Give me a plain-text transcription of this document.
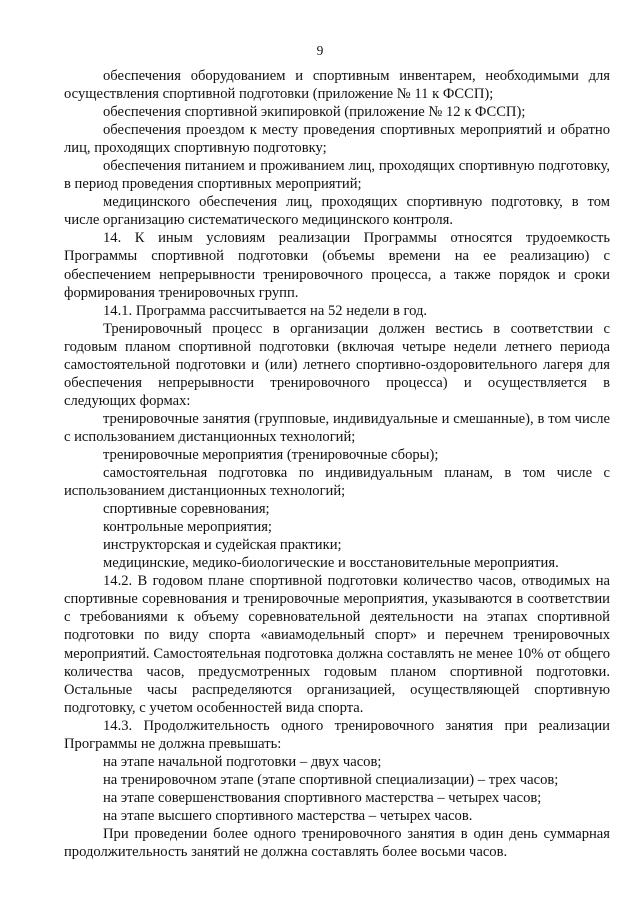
9

обеспечения оборудованием и спортивным инвентарем, необходимыми для осуществления спортивной подготовки (приложение № 11 к ФССП);

обеспечения спортивной экипировкой (приложение № 12 к ФССП);

обеспечения проездом к месту проведения спортивных мероприятий и обратно лиц, проходящих спортивную подготовку;

обеспечения питанием и проживанием лиц, проходящих спортивную подготовку, в период проведения спортивных мероприятий;

медицинского обеспечения лиц, проходящих спортивную подготовку, в том числе организацию систематического медицинского контроля.

14. К иным условиям реализации Программы относятся трудоемкость Программы спортивной подготовки (объемы времени на ее реализацию) с обеспечением непрерывности тренировочного процесса, а также порядок и сроки формирования тренировочных групп.

14.1. Программа рассчитывается на 52 недели в год.

Тренировочный процесс в организации должен вестись в соответствии с годовым планом спортивной подготовки (включая четыре недели летнего периода самостоятельной подготовки и (или) летнего спортивно-оздоровительного лагеря для обеспечения непрерывности тренировочного процесса) и осуществляется в следующих формах:

тренировочные занятия (групповые, индивидуальные и смешанные), в том числе с использованием дистанционных технологий;

тренировочные мероприятия (тренировочные сборы);

самостоятельная подготовка по индивидуальным планам, в том числе с использованием дистанционных технологий;

спортивные соревнования;

контрольные мероприятия;

инструкторская и судейская практики;

медицинские, медико-биологические и восстановительные мероприятия.

14.2. В годовом плане спортивной подготовки количество часов, отводимых на спортивные соревнования и тренировочные мероприятия, указываются в соответствии с требованиями к объему соревновательной деятельности на этапах спортивной подготовки по виду спорта «авиамодельный спорт» и перечнем тренировочных мероприятий. Самостоятельная подготовка должна составлять не менее 10% от общего количества часов, предусмотренных годовым планом спортивной подготовки. Остальные часы распределяются организацией, осуществляющей спортивную подготовку, с учетом особенностей вида спорта.

14.3. Продолжительность одного тренировочного занятия при реализации Программы не должна превышать:

на этапе начальной подготовки – двух часов;

на тренировочном этапе (этапе спортивной специализации) – трех часов;

на этапе совершенствования спортивного мастерства – четырех часов;

на этапе высшего спортивного мастерства – четырех часов.

При проведении более одного тренировочного занятия в один день суммарная продолжительность занятий не должна составлять более восьми часов.
